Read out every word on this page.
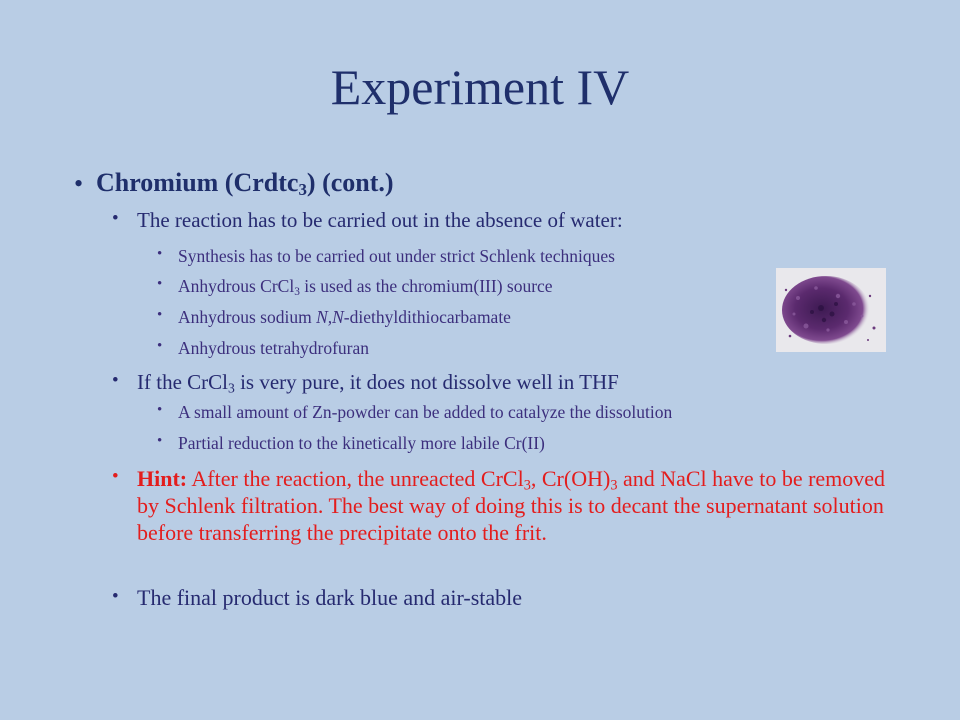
Experiment IV
• Chromium (Crdtc$_3$) (cont.)
• The reaction has to be carried out in the absence of water:
• Synthesis has to be carried out under strict Schlenk techniques
• Anhydrous CrCl$_3$ is used as the chromium(III) source
• Anhydrous sodium N,N-diethyldithiocarbamate
• Anhydrous tetrahydrofuran
• If the CrCl$_3$ is very pure, it does not dissolve well in THF
• A small amount of Zn-powder can be added to catalyze the dissolution
• Partial reduction to the kinetically more labile Cr(II)
• Hint: After the reaction, the unreacted CrCl$_3$, $Cr(OH)_3$ and NaCl have to be removed by Schlenk filtration. The best way of doing this is to decant the supernatant solution before transferring the precipitate onto the frit.
• The final product is dark blue and air-stable
